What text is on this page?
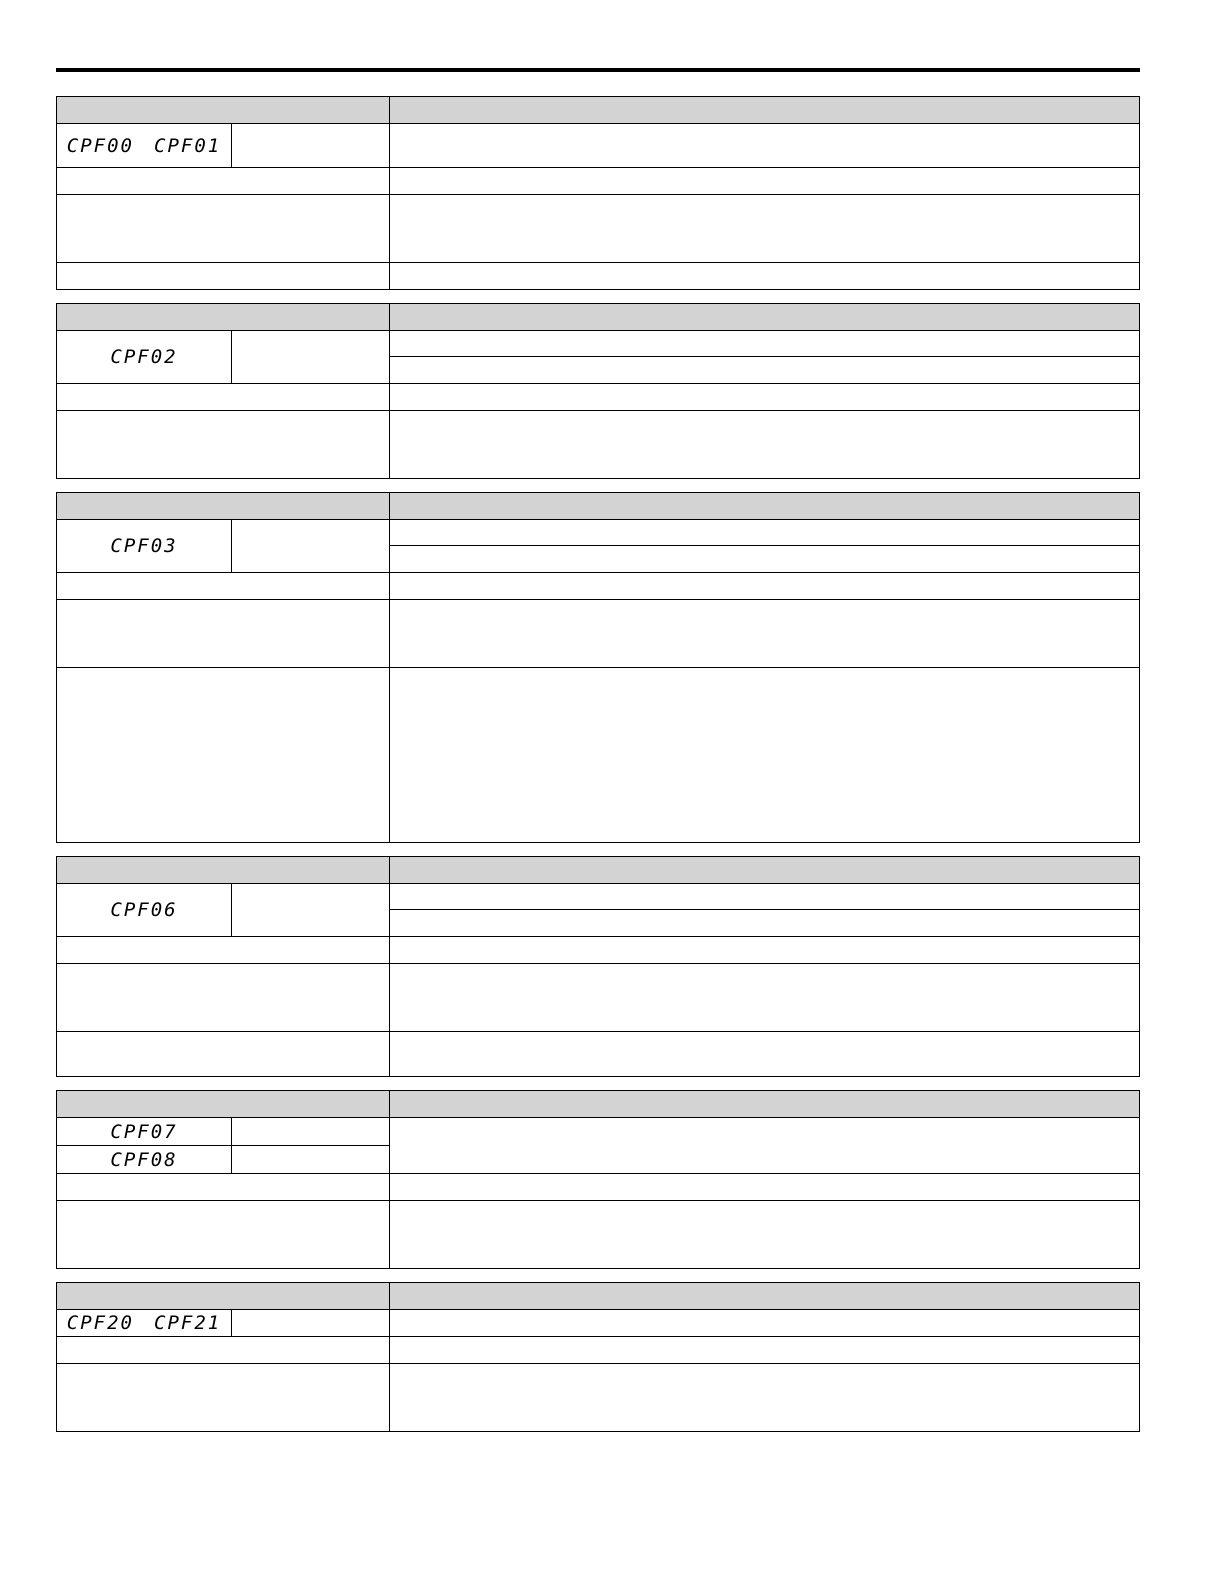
CPF00 CPF01		

CPF02		

CPF03		

CPF06		

CPF07		
CPF08		

CPF20 CPF21		
